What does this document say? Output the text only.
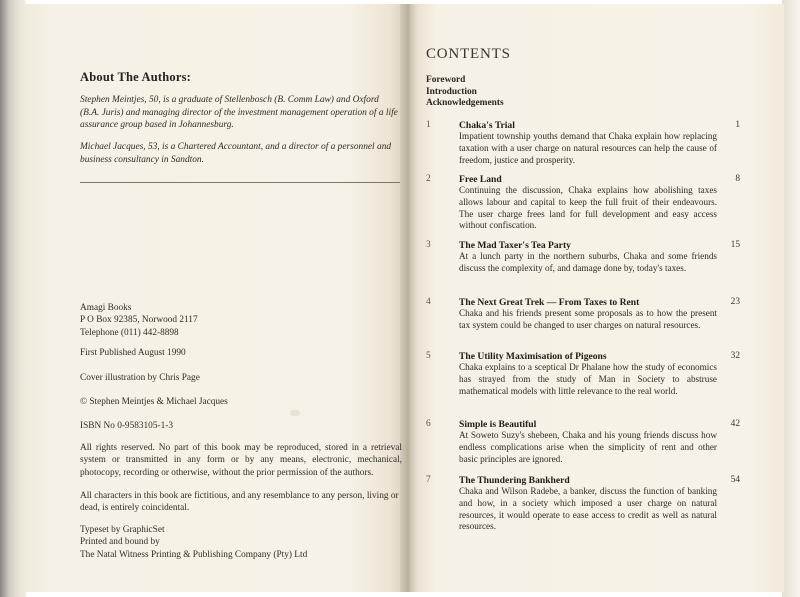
About The Authors:
Stephen Meintjes, 50, is a graduate of Stellenbosch (B. Comm Law) and Oxford (B.A. Juris) and managing director of the investment management operation of a life assurance group based in Johannesburg.
Michael Jacques, 53, is a Chartered Accountant, and a director of a personnel and business consultancy in Sandton.
Amagi Books
P O Box 92385, Norwood 2117
Telephone (011) 442-8898
First Published August 1990
Cover illustration by Chris Page
© Stephen Meintjes & Michael Jacques
ISBN No 0-9583105-1-3
All rights reserved. No part of this book may be reproduced, stored in a retrieval system or transmitted in any form or by any means, electronic, mechanical, photocopy, recording or otherwise, without the prior permission of the authors.
All characters in this book are fictitious, and any resemblance to any person, living or dead, is entirely coincidental.
Typeset by GraphicSet
Printed and bound by
The Natal Witness Printing & Publishing Company (Pty) Ltd
CONTENTS
Foreword
Introduction
Acknowledgements
1	Chaka's Trial	1
Impatient township youths demand that Chaka explain how replacing taxation with a user charge on natural resources can help the cause of freedom, justice and prosperity.
2	Free Land	8
Continuing the discussion, Chaka explains how abolishing taxes allows labour and capital to keep the full fruit of their endeavours. The user charge frees land for full development and easy access without confiscation.
3	The Mad Taxer's Tea Party	15
At a lunch party in the northern suburbs, Chaka and some friends discuss the complexity of, and damage done by, today's taxes.
4	The Next Great Trek — From Taxes to Rent	23
Chaka and his friends present some proposals as to how the present tax system could be changed to user charges on natural resources.
5	The Utility Maximisation of Pigeons	32
Chaka explains to a sceptical Dr Phalane how the study of economics has strayed from the study of Man in Society to abstruse mathematical models with little relevance to the real world.
6	Simple is Beautiful	42
At Soweto Suzy's shebeen, Chaka and his young friends discuss how endless complications arise when the simplicity of rent and other basic principles are ignored.
7	The Thundering Bankherd	54
Chaka and Wilson Radebe, a banker, discuss the function of banking and how, in a society which imposed a user charge on natural resources, it would operate to ease access to credit as well as natural resources.
